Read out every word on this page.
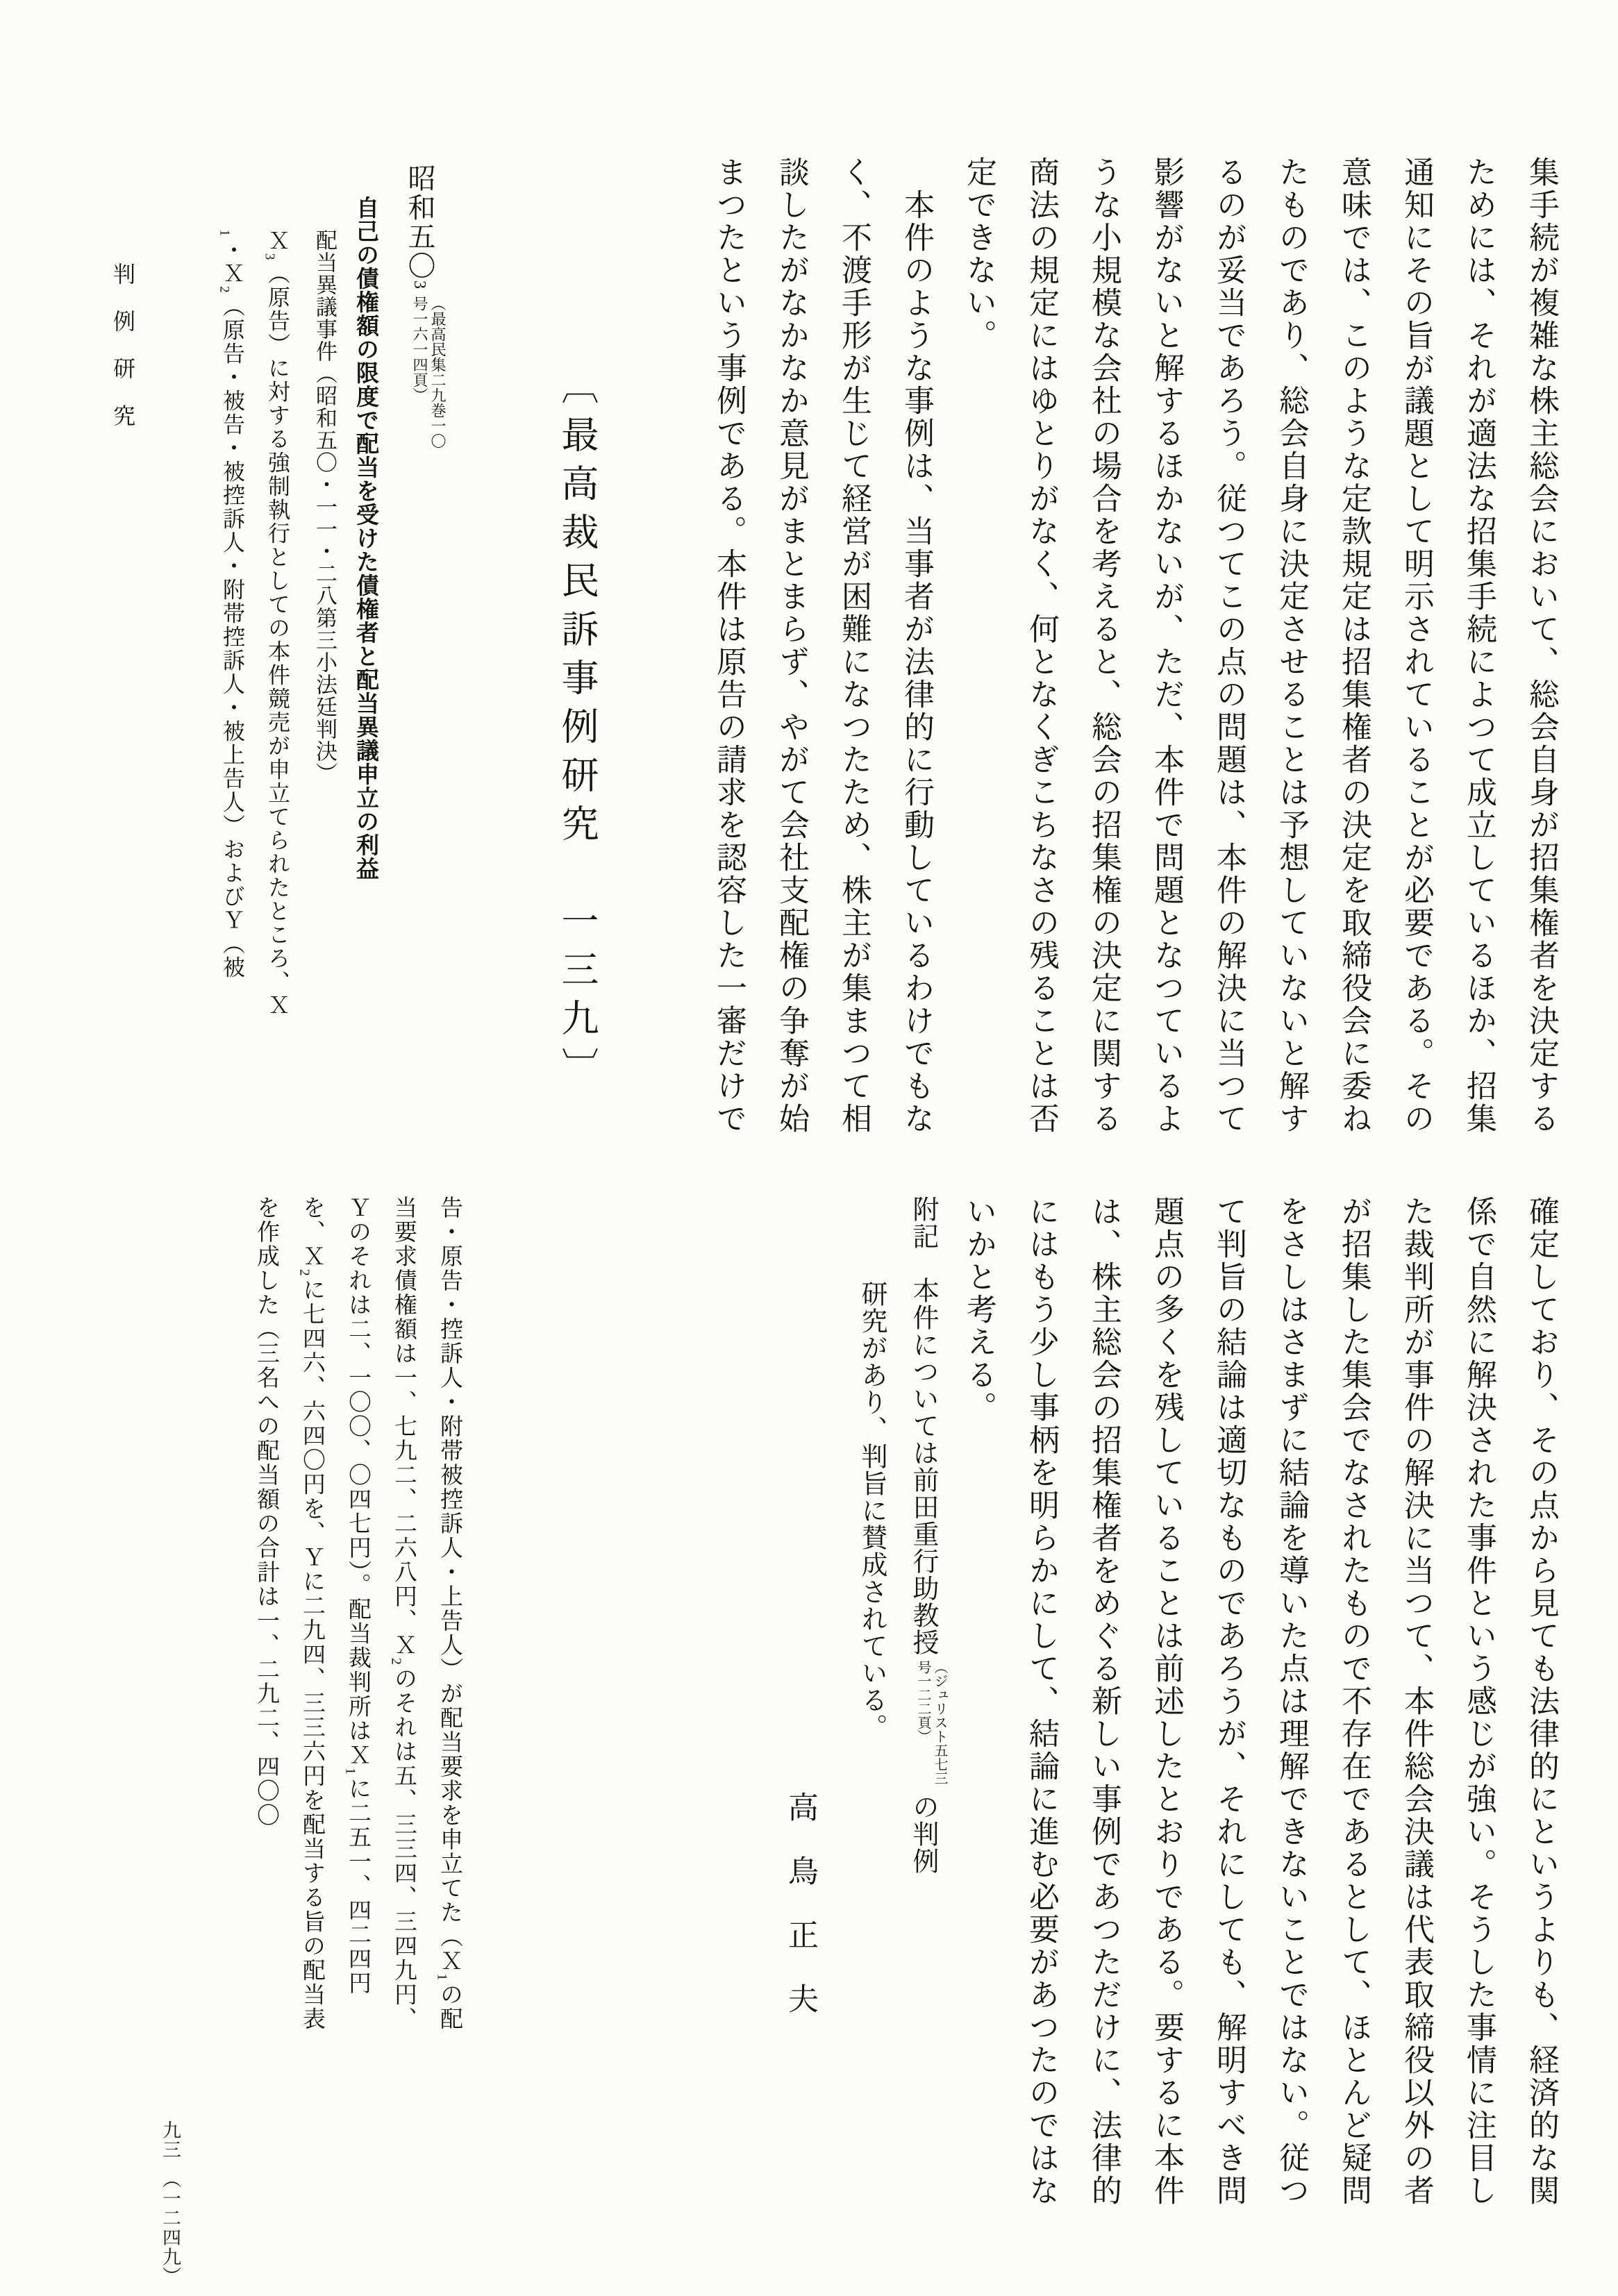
集手続が複雑な株主総会において、総会自身が招集権者を決定するためには、それが適法な招集手続によつて成立しているほか、招集通知にその旨が議題として明示されていることが必要である。その意味では、このような定款規定は招集権者の決定を取締役会に委ねたものであり、総会自身に決定させることは予想していないと解するのが妥当であろう。従つてこの点の問題は、本件の解決に当つて影響がないと解するほかないが、ただ、本件で問題となつているような小規模な会社の場合を考えると、総会の招集権の決定に関する商法の規定にはゆとりがなく、何となくぎこちなさの残ることは否定できない。

　本件のような事例は、当事者が法律的に行動しているわけでもなく、不渡手形が生じて経営が困難になつたため、株主が集まつて相談したがなかなか意見がまとまらず、やがて会社支配権の争奪が始まつたという事例である。本件は原告の請求を認容した一審だけで

〔最高裁民訴事例研究　一三九〕
昭和五〇3（最高民集二九巻一〇号一六一四頁）
自己の債権額の限度で配当を受けた債権者と配当異議申立の利益
配当異議事件（昭和五〇・一一・二八第三小法廷判決）

Ｘ₃（原告）に対する強制執行としての本件競売が申立てられたところ、Ｘ₁・Ｘ₂（原告・被告・被控訴人・附帯控訴人・被上告人）およびＹ（被

判　例　研　究

確定しており、その点から見ても法律的にというよりも、経済的な関係で自然に解決された事件という感じが強い。そうした事情に注目した裁判所が事件の解決に当つて、本件総会決議は代表取締役以外の者が招集した集会でなされたもので不存在であるとして、ほとんど疑問をさしはさまずに結論を導いた点は理解できないことではない。従つて判旨の結論は適切なものであろうが、それにしても、解明すべき問題点の多くを残していることは前述したとおりである。要するに本件は、株主総会の招集権者をめぐる新しい事例であつただけに、法律的にはもう少し事柄を明らかにして、結論に進む必要があつたのではないかと考える。

附記　本件については前田重行助教授（ジュリスト五七三号一二二頁）の判例研究があり、判旨に賛成されている。
高　鳥　正　夫

告・原告・控訴人・附帯被控訴人・上告人）が配当要求を申立てた（Ｘ₁の配当要求債権額は一、七九二、二六八円、Ｘ₂のそれは五、三三四、三四九円、Ｙのそれは二、一〇〇、〇四七円）。配当裁判所はＸ₁に二五一、四二四円を、Ｘ₂に七四六、六四〇円を、Ｙに二九四、三三六円を配当する旨の配当表を作成した（三名への配当額の合計は一、二九二、四〇〇

九三　（一二四九）
